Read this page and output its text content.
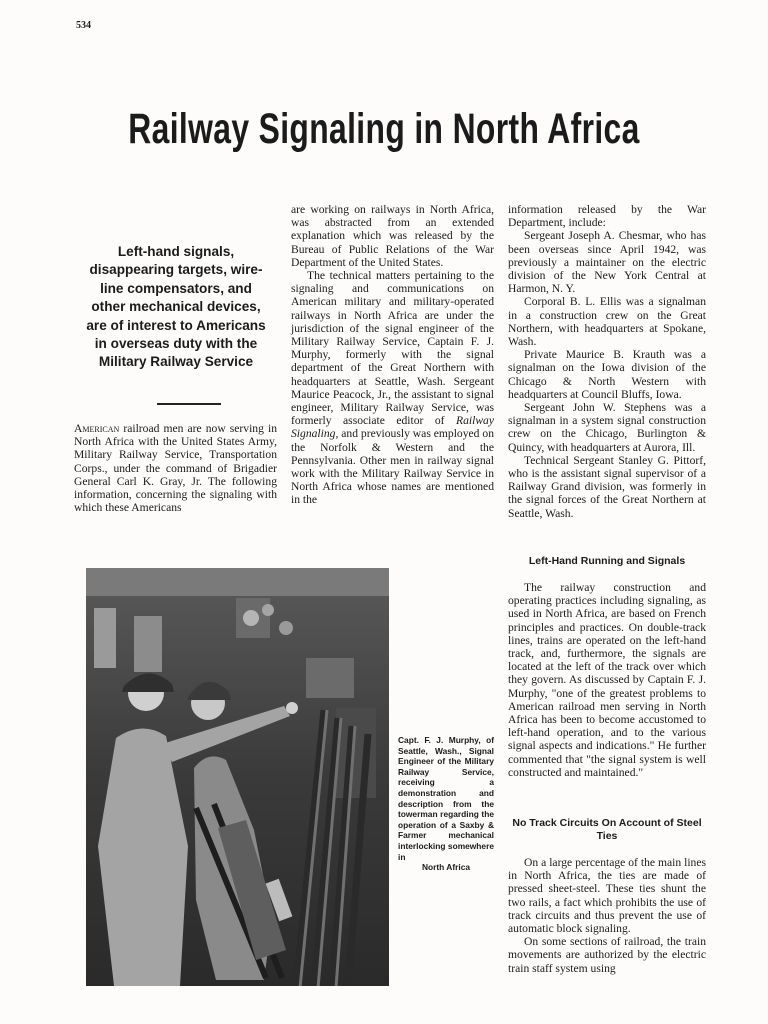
534
Railway Signaling in North Africa

Left-hand signals, disappearing targets, wire-line compensators, and other mechanical devices, are of interest to Americans in overseas duty with the Military Railway Service

American railroad men are now serving in North Africa with the United States Army, Military Railway Service, Transportation Corps., under the command of Brigadier General Carl K. Gray, Jr. The following information, concerning the signaling with which these Americans

are working on railways in North Africa, was abstracted from an extended explanation which was released by the Bureau of Public Relations of the War Department of the United States.

The technical matters pertaining to the signaling and communications on American military and military-operated railways in North Africa are under the jurisdiction of the signal engineer of the Military Railway Service, Captain F. J. Murphy, formerly with the signal department of the Great Northern with headquarters at Seattle, Wash. Sergeant Maurice Peacock, Jr., the assistant to signal engineer, Military Railway Service, was formerly associate editor of Railway Signaling, and previously was employed on the Norfolk & Western and the Pennsylvania. Other men in railway signal work with the Military Railway Service in North Africa whose names are mentioned in the

information released by the War Department, include:

Sergeant Joseph A. Chesmar, who has been overseas since April 1942, was previously a maintainer on the electric division of the New York Central at Harmon, N. Y.

Corporal B. L. Ellis was a signalman in a construction crew on the Great Northern, with headquarters at Spokane, Wash.

Private Maurice B. Krauth was a signalman on the Iowa division of the Chicago & North Western with headquarters at Council Bluffs, Iowa.

Sergeant John W. Stephens was a signalman in a system signal construction crew on the Chicago, Burlington & Quincy, with headquarters at Aurora, Ill.

Technical Sergeant Stanley G. Pittorf, who is the assistant signal supervisor of a Railway Grand division, was formerly in the signal forces of the Great Northern at Seattle, Wash.

Left-Hand Running and Signals

The railway construction and operating practices including signaling, as used in North Africa, are based on French principles and practices. On double-track lines, trains are operated on the left-hand track, and, furthermore, the signals are located at the left of the track over which they govern. As discussed by Captain F. J. Murphy, "one of the greatest problems to American railroad men serving in North Africa has been to become accustomed to left-hand operation, and to the various signal aspects and indications." He further commented that "the signal system is well constructed and maintained."

No Track Circuits On Account of Steel Ties

On a large percentage of the main lines in North Africa, the ties are made of pressed sheet-steel. These ties shunt the two rails, a fact which prohibits the use of track circuits and thus prevent the use of automatic block signaling.

On some sections of railroad, the train movements are authorized by the electric train staff system using

Capt. F. J. Murphy, of Seattle, Wash., Signal Engineer of the Military Railway Service, receiving a demonstration and description from the towerman regarding the operation of a Saxby & Farmer mechanical interlocking somewhere in
North Africa
